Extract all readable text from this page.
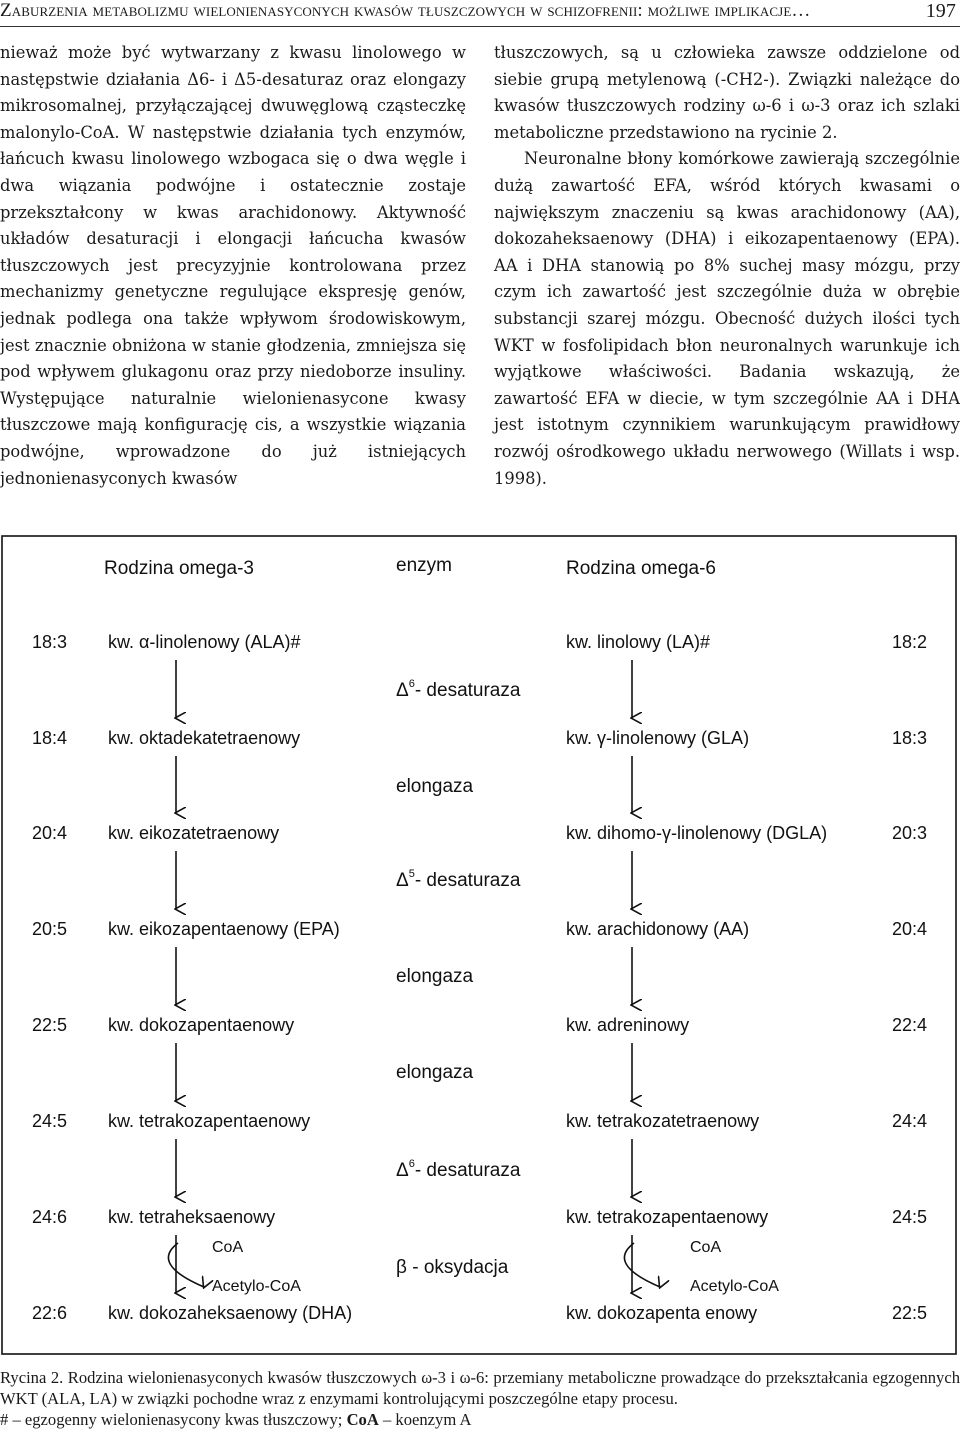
Zaburzenia metabolizmu wielonienasyconych kwasów tłuszczowych w schizofrenii: możliwe implikacje…	197

nieważ może być wytwarzany z kwasu linolowego w następstwie działania Δ6- i Δ5-desaturaz oraz elongazy mikrosomalnej, przyłączającej dwuwęglową cząsteczkę malonylo-CoA. W następstwie działania tych enzymów, łańcuch kwasu linolowego wzbogaca się o dwa węgle i dwa wiązania podwójne i ostatecznie zostaje przekształcony w kwas arachidonowy. Aktywność układów desaturacji i elongacji łańcucha kwasów tłuszczowych jest precyzyjnie kontrolowana przez mechanizmy genetyczne regulujące ekspresję genów, jednak podlega ona także wpływom środowiskowym, jest znacznie obniżona w stanie głodzenia, zmniejsza się pod wpływem glukagonu oraz przy niedoborze insuliny. Występujące naturalnie wielonienasycone kwasy tłuszczowe mają konfigurację cis, a wszystkie wiązania podwójne, wprowadzone do już istniejących jednonienasyconych kwasów

tłuszczowych, są u człowieka zawsze oddzielone od siebie grupą metylenową (-CH2-). Związki należące do kwasów tłuszczowych rodziny ω-6 i ω-3 oraz ich szlaki metaboliczne przedstawiono na rycinie 2.

Neuronalne błony komórkowe zawierają szczególnie dużą zawartość EFA, wśród których kwasami o największym znaczeniu są kwas arachidonowy (AA), dokozaheksaenowy (DHA) i eikozapentaenowy (EPA). AA i DHA stanowią po 8% suchej masy mózgu, przy czym ich zawartość jest szczególnie duża w obrębie substancji szarej mózgu. Obecność dużych ilości tych WKT w fosfolipidach błon neuronalnych warunkuje ich wyjątkowe właściwości. Badania wskazują, że zawartość EFA w diecie, w tym szczególnie AA i DHA jest istotnym czynnikiem warunkującym prawidłowy rozwój ośrodkowego układu nerwowego (Willats i wsp. 1998).

Rodzina omega-3	enzym	Rodzina omega-6
18:3 kw. α-linolenowy (ALA)#	kw. linolowy (LA)#	18:2
18:4 kw. oktadekatetraenowy	kw. γ-linolenowy (GLA)	18:3
20:4 kw. eikozatetraenowy	kw. dihomo-γ-linolenowy (DGLA)	20:3
20:5 kw. eikozapentaenowy (EPA)	kw. arachidonowy (AA)	20:4
22:5 kw. dokozapentaenowy	kw. adreninowy	22:4
24:5 kw. tetrakozapentaenowy	kw. tetrakozatetraenowy	24:4
24:6 kw. tetraheksaenowy	kw. tetrakozapentaenowy	24:5
22:6 kw. dokozaheksaenowy (DHA)	kw. dokozapenta enowy	22:5
$\Delta^6-$ desaturaza
elongaza
$\Delta^5-$ desaturaza
elongaza
elongaza
$\Delta^6-$ desaturaza
β - oksydacja
CoA
Acetylo-CoA
CoA
Acetylo-CoA
Rycina 2. Rodzina wielonienasyconych kwasów tłuszczowych ω-3 i ω-6: przemiany metaboliczne prowadzące do przekształcania egzogennych WKT (ALA, LA) w związki pochodne wraz z enzymami kontrolującymi poszczególne etapy procesu.
# – egzogenny wielonienasycony kwas tłuszczowy; CoA – koenzym A
